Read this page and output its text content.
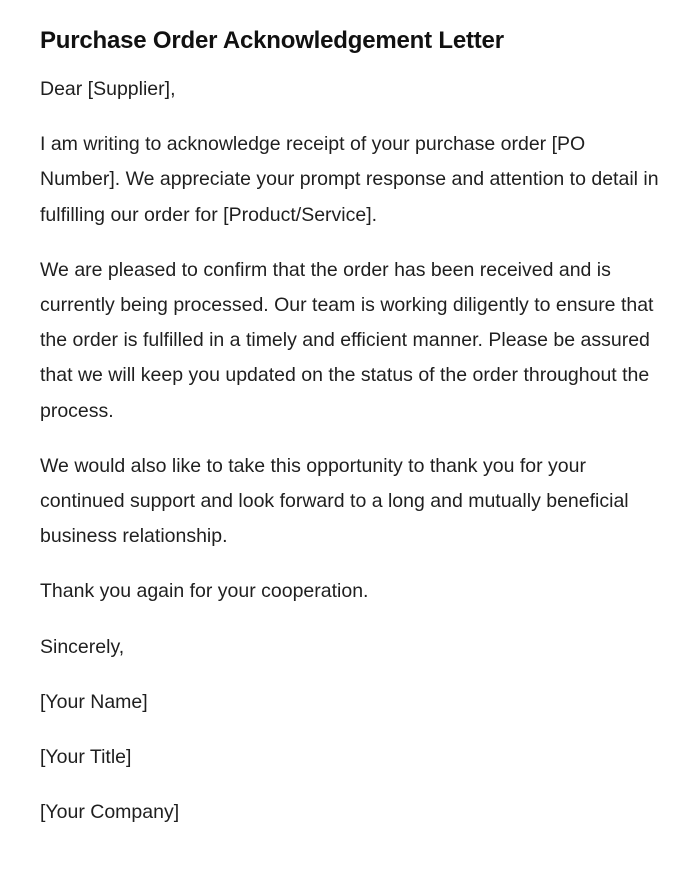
Purchase Order Acknowledgement Letter

Dear [Supplier],

I am writing to acknowledge receipt of your purchase order [PO Number]. We appreciate your prompt response and attention to detail in fulfilling our order for [Product/Service].

We are pleased to confirm that the order has been received and is currently being processed. Our team is working diligently to ensure that the order is fulfilled in a timely and efficient manner. Please be assured that we will keep you updated on the status of the order throughout the process.

We would also like to take this opportunity to thank you for your continued support and look forward to a long and mutually beneficial business relationship.

Thank you again for your cooperation.

Sincerely,

[Your Name]

[Your Title]

[Your Company]
